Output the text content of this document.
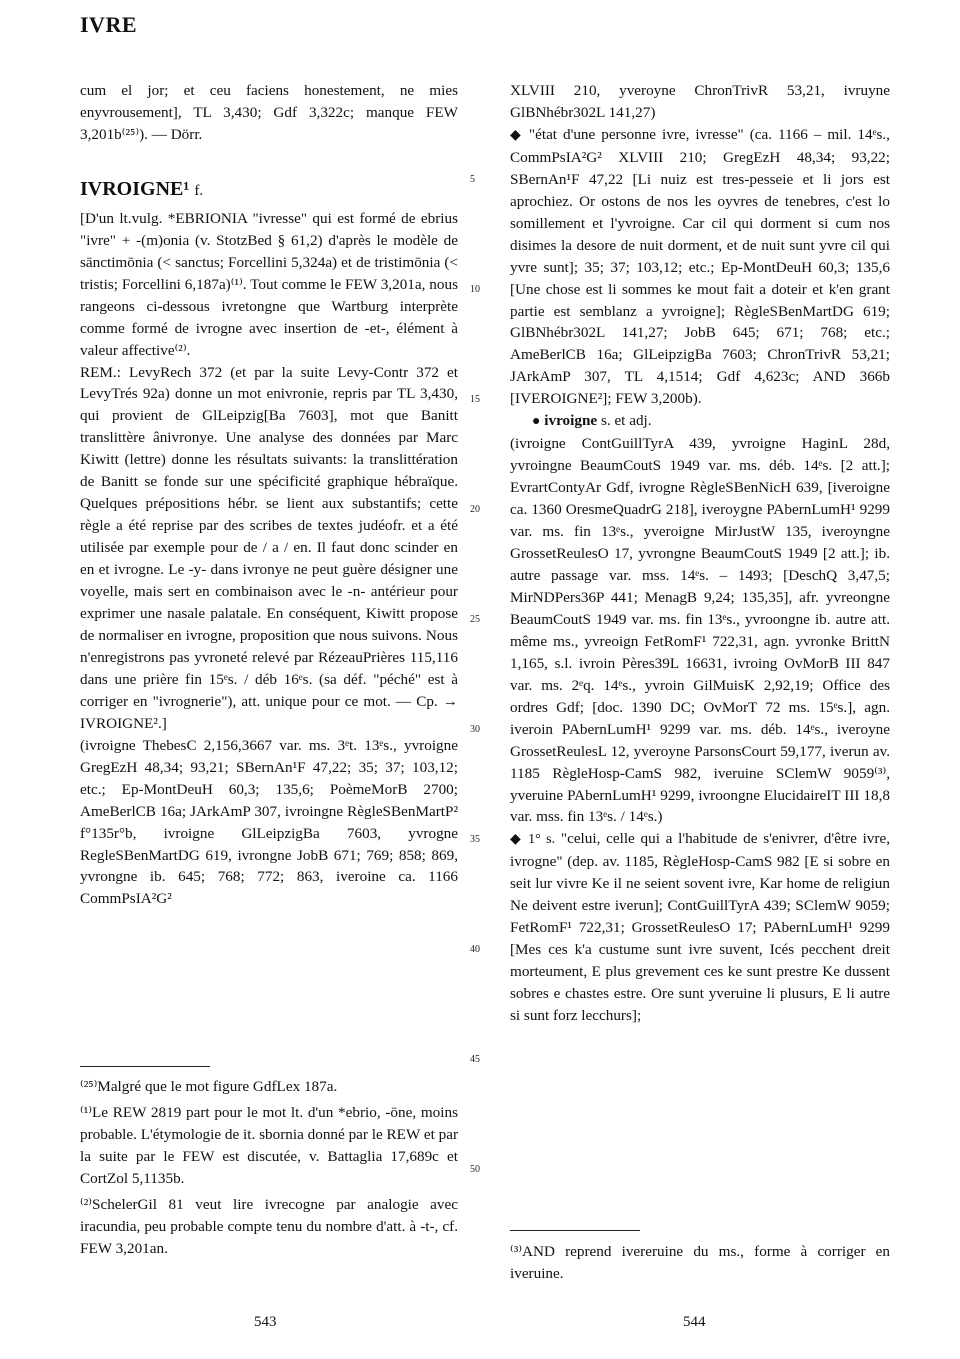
IVRE

cum el jor; et ceu faciens honestement, ne mies enyvrousement], TL 3,430; Gdf 3,322c; manque FEW 3,201b⁽²⁵⁾). — Dörr.

IVROIGNE¹ f.

[D'un lt.vulg. *EBRIONIA "ivresse" qui est formé de ebrius "ivre" + -(m)onia (v. StotzBed § 61,2) d'après le modèle de sānctimōnia (< sanctus; Forcellini 5,324a) et de tristimōnia (< tristis; Forcellini 6,187a)⁽¹⁾. Tout comme le FEW 3,201a, nous rangeons ci-dessous ivretongne que Wartburg interprète comme formé de ivrogne avec insertion de -et-, élément à valeur affective⁽²⁾.

REM.: LevyRech 372 (et par la suite Levy-Contr 372 et LevyTrés 92a) donne un mot enivronie, repris par TL 3,430, qui provient de GlLeipzig[Ba 7603], mot que Banitt translittère ânivronye. Une analyse des données par Marc Kiwitt (lettre) donne les résultats suivants: la translittération de Banitt se fonde sur une spécificité graphique hébraïque. Quelques prépositions hébr. se lient aux substantifs; cette règle a été reprise par des scribes de textes judéofr. et a été utilisée par exemple pour de / a / en. Il faut donc scinder en en et ivrogne. Le -y- dans ivronye ne peut guère désigner une voyelle, mais sert en combinaison avec le -n- antérieur pour exprimer une nasale palatale. En conséquent, Kiwitt propose de normaliser en ivrogne, proposition que nous suivons. Nous n'enregistrons pas yvroneté relevé par RézeauPrières 115,116 dans une prière fin 15ᵉs. / déb 16ᵉs. (sa déf. "péché" est à corriger en "ivrognerie"), att. unique pour ce mot. — Cp. → IVROIGNE².]

(ivroigne ThebesC 2,156,3667 var. ms. 3ᵉt. 13ᵉs., yvroigne GregEzH 48,34; 93,21; SBernAn¹F 47,22; 35; 37; 103,12; etc.; Ep-MontDeuH 60,3; 135,6; PoèmeMorB 2700; AmeBerlCB 16a; JArkAmP 307, ivroingne RègleSBenMartP² f°135r°b, ivroigne GlLeipzigBa 7603, yvrogne RegleSBenMartDG 619, ivrongne JobB 671; 769; 858; 869, yvrongne ib. 645; 768; 772; 863, iveroine ca. 1166 CommPsIA²G²

5
10
15
20
25
30
35
40
45
50

XLVIII 210, yveroyne ChronTrivR 53,21, ivruyne GlBNhébr302L 141,27)

◆ "état d'une personne ivre, ivresse" (ca. 1166 – mil. 14ᵉs., CommPsIA²G² XLVIII 210; GregEzH 48,34; 93,22; SBernAn¹F 47,22 [Li nuiz est tres-pesseie et li jors est aprochiez. Or ostons de nos les oyvres de tenebres, c'est lo somillement et l'yvroigne. Car cil qui dorment si cum nos disimes la desore de nuit dorment, et de nuit sunt yvre cil qui yvre sunt]; 35; 37; 103,12; etc.; Ep-MontDeuH 60,3; 135,6 [Une chose est li sommes ke mout fait a doteir et k'en grant partie est semblanz a yvroigne]; RègleSBenMartDG 619; GlBNhébr302L 141,27; JobB 645; 671; 768; etc.; AmeBerlCB 16a; GlLeipzigBa 7603; ChronTrivR 53,21; JArkAmP 307, TL 4,1514; Gdf 4,623c; AND 366b [IVEROIGNE²]; FEW 3,200b).

● ivroigne s. et adj.

(ivroigne ContGuillTyrA 439, yvroigne HaginL 28d, yvroingne BeaumCoutS 1949 var. ms. déb. 14ᵉs. [2 att.]; EvrartContyAr Gdf, ivrogne RègleSBenNicH 639, [iveroigne ca. 1360 OresmeQuadrG 218], iveroygne PAbernLumH¹ 9299 var. ms. fin 13ᵉs., yveroigne MirJustW 135, iveroyngne GrossetReulesO 17, yvrongne BeaumCoutS 1949 [2 att.]; ib. autre passage var. mss. 14ᵉs. – 1493; [DeschQ 3,47,5; MirNDPers36P 441; MenagB 9,24; 135,35], afr. yvreongne BeaumCoutS 1949 var. ms. fin 13ᵉs., yvroongne ib. autre att. même ms., yvreoign FetRomF¹ 722,31, agn. yvronke BrittN 1,165, s.l. ivroin Pères39L 16631, ivroing OvMorB III 847 var. ms. 2ᵉq. 14ᵉs., yvroin GilMuisK 2,92,19; Office des ordres Gdf; [doc. 1390 DC; OvMorT 72 ms. 15ᵉs.], agn. iveroin PAbernLumH¹ 9299 var. ms. déb. 14ᵉs., iveroyne GrossetReulesL 12, yveroyne ParsonsCourt 59,177, iverun av. 1185 RègleHosp-CamS 982, iveruine SClemW 9059⁽³⁾, yveruine PAbernLumH¹ 9299, ivroongne ElucidaireIT III 18,8 var. mss. fin 13ᵉs. / 14ᵉs.)

◆ 1° s. "celui, celle qui a l'habitude de s'enivrer, d'être ivre, ivrogne" (dep. av. 1185, RègleHosp-CamS 982 [E si sobre en seit lur vivre Ke il ne seient sovent ivre, Kar home de religiun Ne deivent estre iverun]; ContGuillTyrA 439; SClemW 9059; FetRomF¹ 722,31; GrossetReulesO 17; PAbernLumH¹ 9299 [Mes ces k'a custume sunt ivre suvent, Icés pecchent dreit morteument, E plus grevement ces ke sunt prestre Ke dussent sobres e chastes estre. Ore sunt yveruine li plusurs, E li autre si sunt forz lecchurs];

⁽²⁵⁾Malgré que le mot figure GdfLex 187a.

⁽¹⁾Le REW 2819 part pour le mot lt. d'un *ebrio, -ōne, moins probable. L'étymologie de it. sbornia donné par le REW et par la suite par le FEW est discutée, v. Battaglia 17,689c et CortZol 5,1135b.

⁽²⁾SchelerGil 81 veut lire ivrecogne par analogie avec iracundia, peu probable compte tenu du nombre d'att. à -t-, cf. FEW 3,201an.	⁽³⁾AND reprend ivereruine du ms., forme à corriger en iveruine.

543	544
